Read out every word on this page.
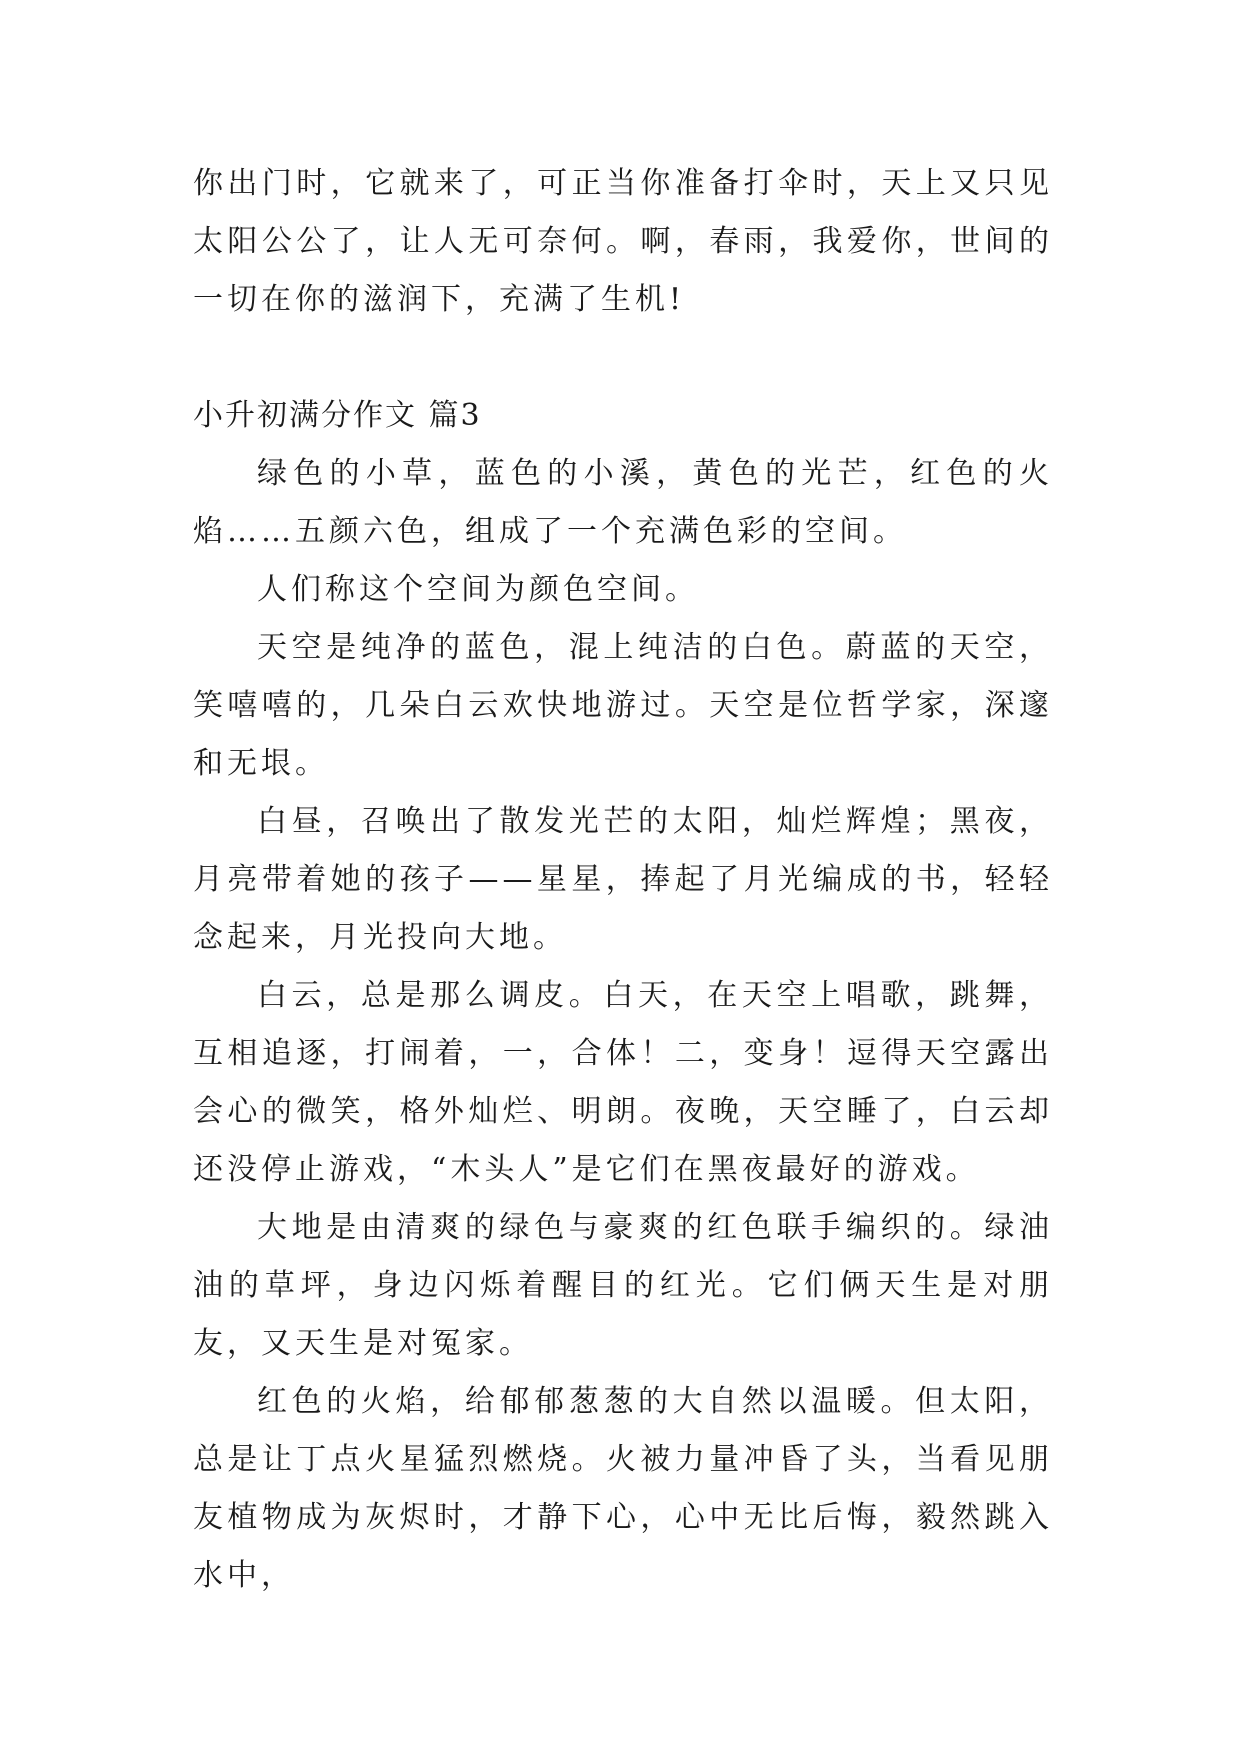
你出门时，它就来了，可正当你准备打伞时，天上又只见太阳公公了，让人无可奈何。啊，春雨，我爱你，世间的一切在你的滋润下，充满了生机!

小升初满分作文 篇3

绿色的小草，蓝色的小溪，黄色的光芒，红色的火焰……五颜六色，组成了一个充满色彩的空间。

人们称这个空间为颜色空间。

天空是纯净的蓝色，混上纯洁的白色。蔚蓝的天空，笑嘻嘻的，几朵白云欢快地游过。天空是位哲学家，深邃和无垠。

白昼，召唤出了散发光芒的太阳，灿烂辉煌；黑夜，月亮带着她的孩子——星星，捧起了月光编成的书，轻轻念起来，月光投向大地。

白云，总是那么调皮。白天，在天空上唱歌，跳舞，互相追逐，打闹着，一，合体！二，变身！逗得天空露出会心的微笑，格外灿烂、明朗。夜晚，天空睡了，白云却还没停止游戏，“木头人”是它们在黑夜最好的游戏。

大地是由清爽的绿色与豪爽的红色联手编织的。绿油油的草坪，身边闪烁着醒目的红光。它们俩天生是对朋友，又天生是对冤家。

红色的火焰，给郁郁葱葱的大自然以温暖。但太阳，总是让丁点火星猛烈燃烧。火被力量冲昏了头，当看见朋友植物成为灰烬时，才静下心，心中无比后悔，毅然跳入水中，
